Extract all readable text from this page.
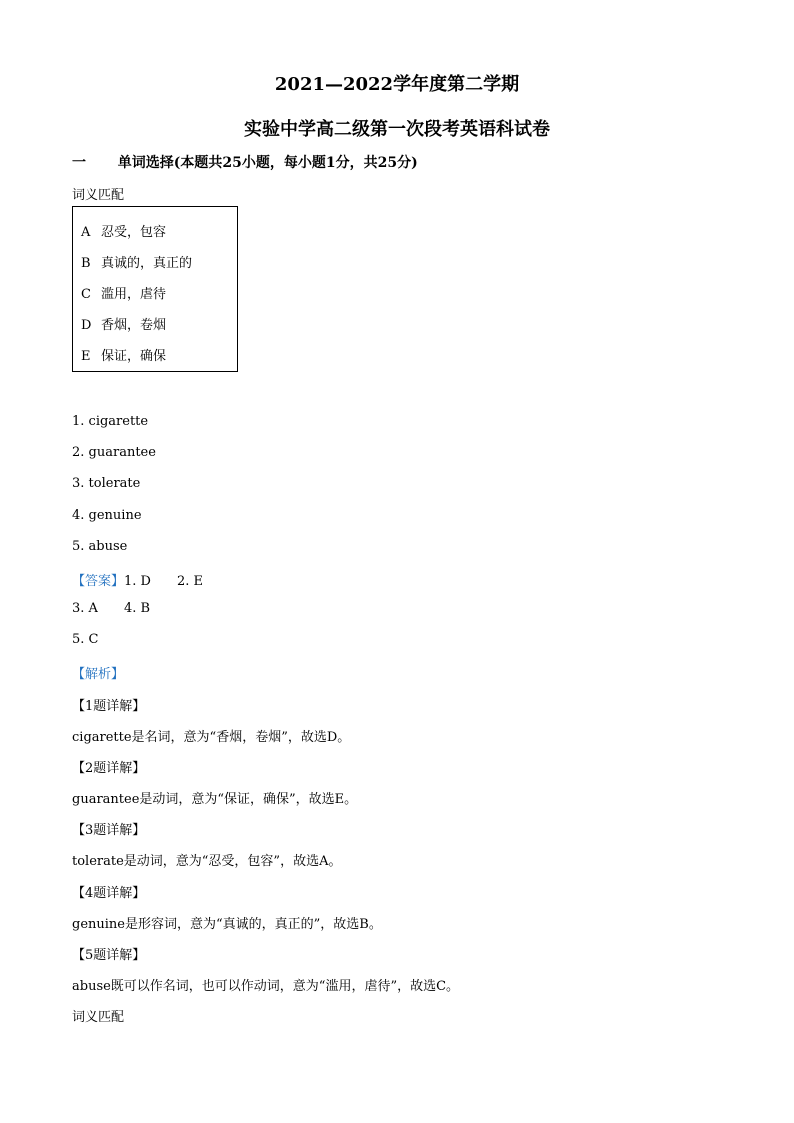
2021—2022学年度第二学期
实验中学高二级第一次段考英语科试卷
一 单词选择(本题共25小题，每小题1分，共25分)
词义匹配
A 忍受，包容
B 真诚的，真正的
C 滥用，虐待
D 香烟，卷烟
E 保证，确保
1. cigarette
2. guarantee
3. tolerate
4. genuine
5. abuse
【答案】1. D 2. E
3. A 4. B
5. C
【解析】
【1题详解】
cigarette是名词，意为“香烟，卷烟”，故选D。
【2题详解】
guarantee是动词，意为“保证，确保”，故选E。
【3题详解】
tolerate是动词，意为“忍受，包容”，故选A。
【4题详解】
genuine是形容词，意为“真诚的，真正的”，故选B。
【5题详解】
abuse既可以作名词，也可以作动词，意为“滥用，虐待”，故选C。
词义匹配
